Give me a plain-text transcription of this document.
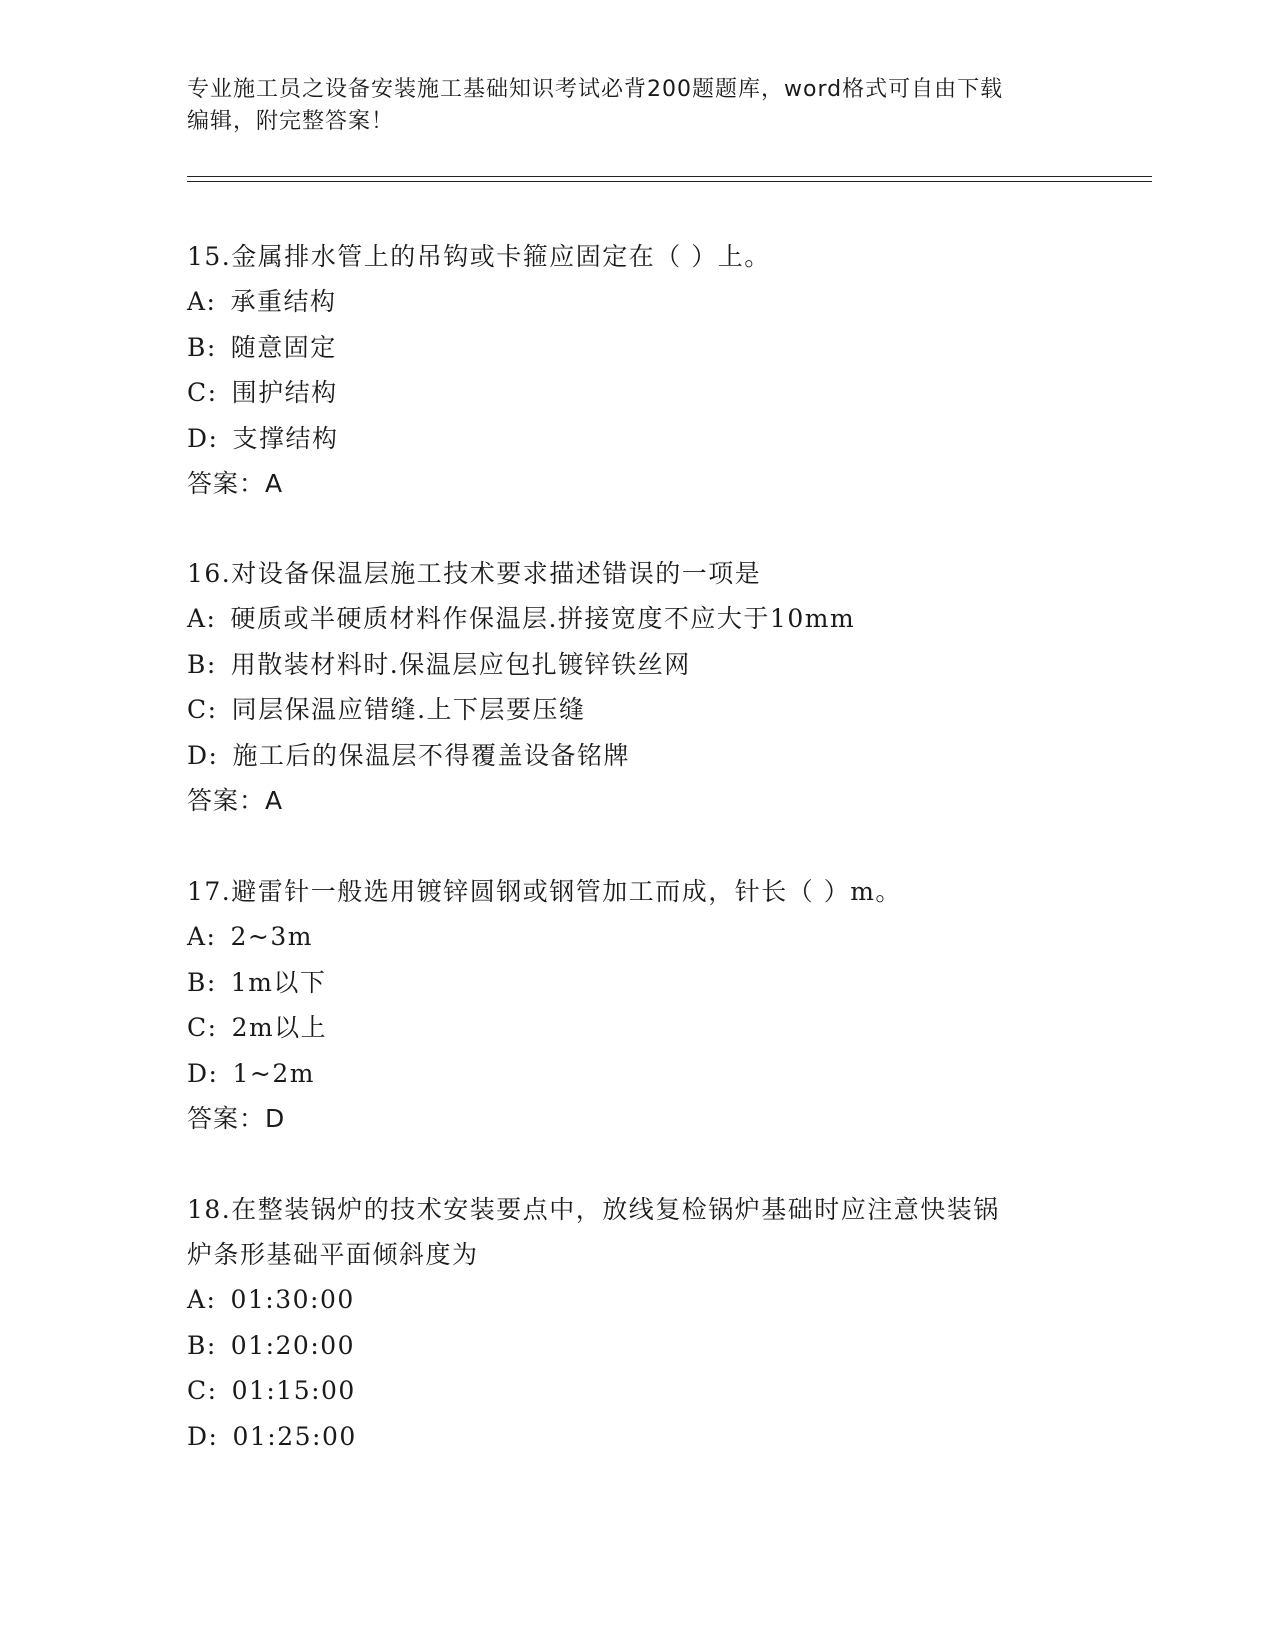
专业施工员之设备安装施工基础知识考试必背200题题库，word格式可自由下载
编辑，附完整答案！
15.金属排水管上的吊钩或卡箍应固定在（ ）上。
A: 承重结构
B: 随意固定
C: 围护结构
D: 支撑结构
答案：A
16.对设备保温层施工技术要求描述错误的一项是
A: 硬质或半硬质材料作保温层.拼接宽度不应大于10mm
B: 用散装材料时.保温层应包扎镀锌铁丝网
C: 同层保温应错缝.上下层要压缝
D: 施工后的保温层不得覆盖设备铭牌
答案：A
17.避雷针一般选用镀锌圆钢或钢管加工而成，针长（ ）m。
A: 2~3m
B: 1m以下
C: 2m以上
D: 1~2m
答案：D
18.在整装锅炉的技术安装要点中，放线复检锅炉基础时应注意快装锅
炉条形基础平面倾斜度为
A: 01:30:00
B: 01:20:00
C: 01:15:00
D: 01:25:00
